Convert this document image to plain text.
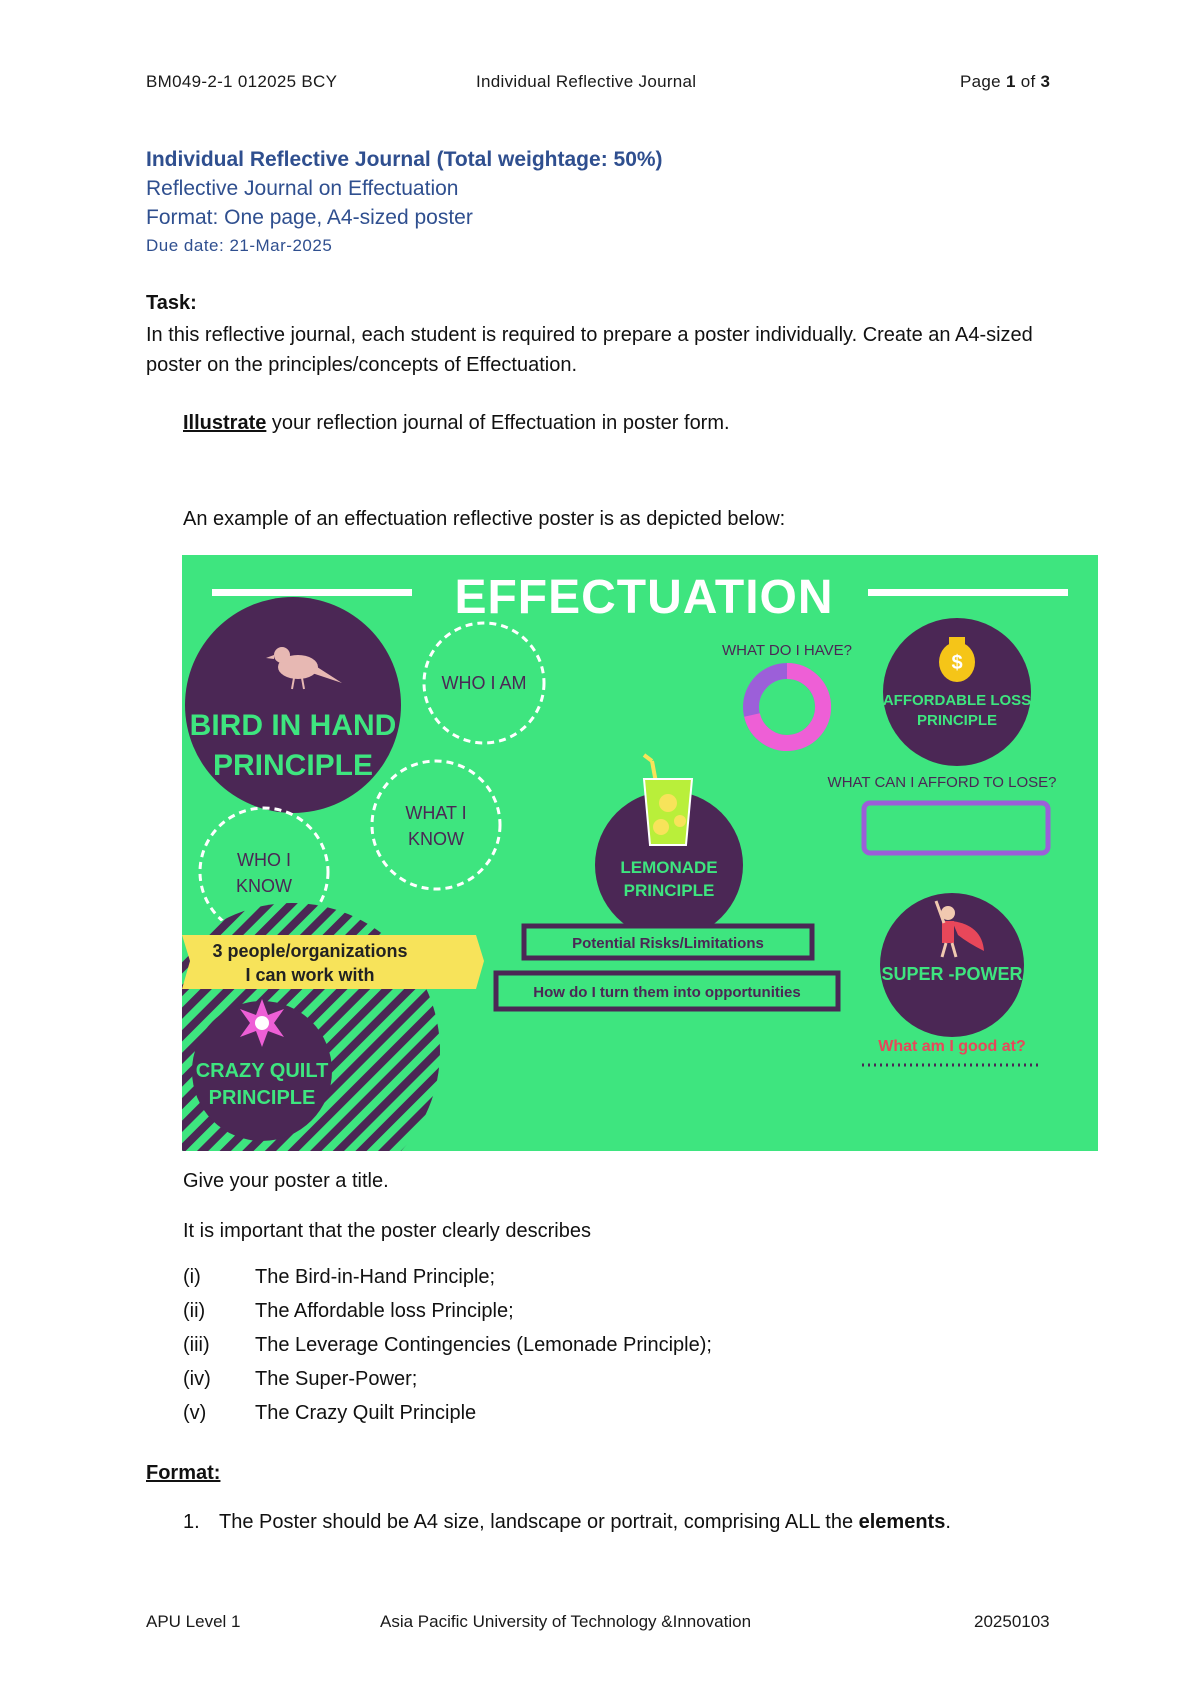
BM049-2-1 012025 BCY	Individual Reflective Journal	Page 1 of 3
Individual Reflective Journal (Total weightage: 50%)
Reflective Journal on Effectuation
Format: One page, A4-sized poster
Due date: 21-Mar-2025
Task:
In this reflective journal, each student is required to prepare a poster individually. Create an A4-sized poster on the principles/concepts of Effectuation.
Illustrate your reflection journal of Effectuation in poster form.
An example of an effectuation reflective poster is as depicted below:
EFFECTUATION
BIRD IN HAND
PRINCIPLE
WHO I AM
WHAT I
KNOW
WHO I
KNOW
WHAT DO I HAVE?
$
AFFORDABLE LOSS
PRINCIPLE
WHAT CAN I AFFORD TO LOSE?
LEMONADE
PRINCIPLE
Potential Risks/Limitations
How do I turn them into opportunities
CRAZY QUILT
PRINCIPLE
3 people/organizations
I can work with	SUPER -POWER
What am I good at?
Give your poster a title.
It is important that the poster clearly describes
(i)	The Bird-in-Hand Principle;
(ii)	The Affordable loss Principle;
(iii)	The Leverage Contingencies (Lemonade Principle);
(iv)	The Super-Power;
(v)	The Crazy Quilt Principle
Format:
1. The Poster should be A4 size, landscape or portrait, comprising ALL the elements.
APU Level 1	Asia Pacific University of Technology &Innovation	20250103
